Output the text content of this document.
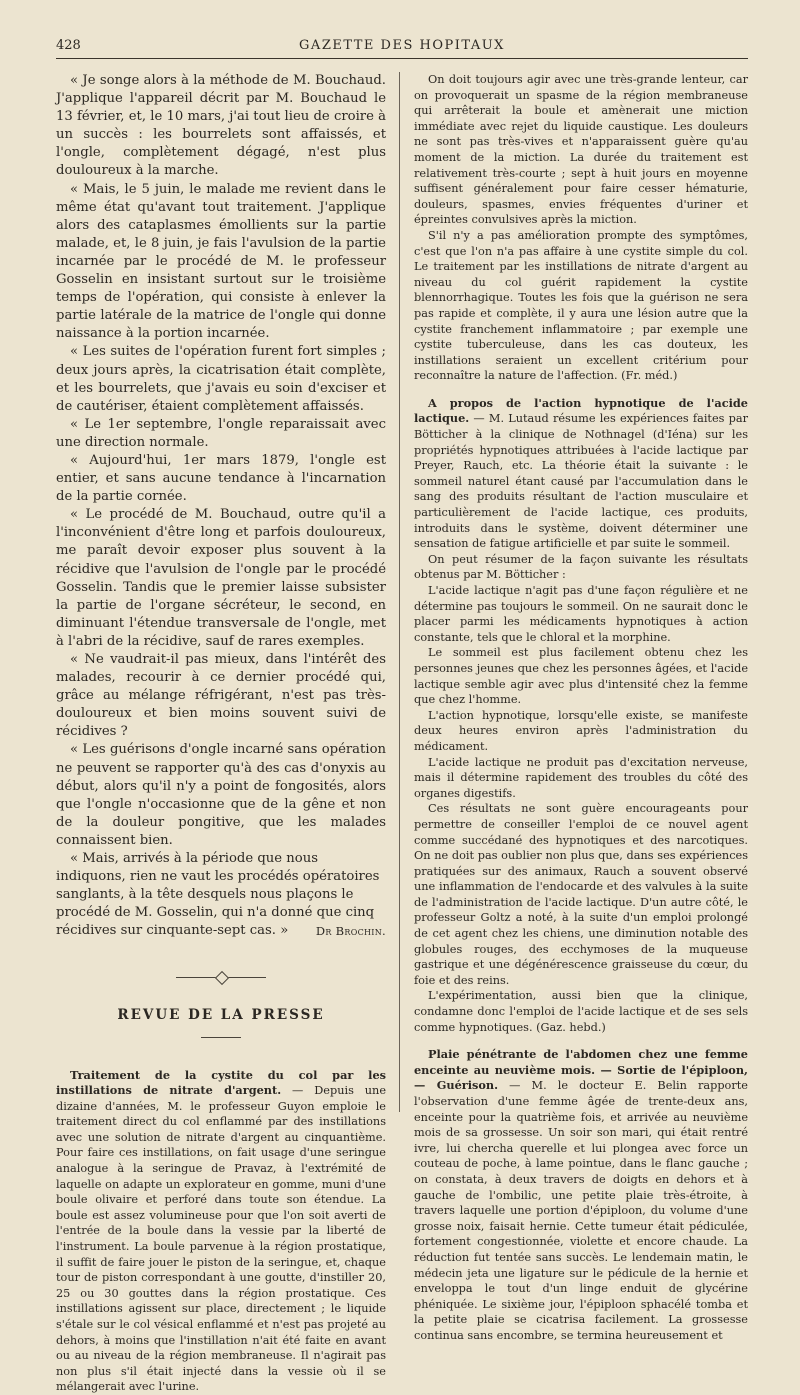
428	GAZETTE DES HOPITAUX

« Je songe alors à la méthode de M. Bouchaud. J'applique l'appareil décrit par M. Bouchaud le 13 février, et, le 10 mars, j'ai tout lieu de croire à un succès : les bourrelets sont affaissés, et l'ongle, complètement dégagé, n'est plus douloureux à la marche.

« Mais, le 5 juin, le malade me revient dans le même état qu'avant tout traitement. J'applique alors des cataplasmes émollients sur la partie malade, et, le 8 juin, je fais l'avulsion de la partie incarnée par le procédé de M. le professeur Gosselin en insistant surtout sur le troisième temps de l'opération, qui consiste à enlever la partie latérale de la matrice de l'ongle qui donne naissance à la portion incarnée.

« Les suites de l'opération furent fort simples ; deux jours après, la cicatrisation était complète, et les bourrelets, que j'avais eu soin d'exciser et de cautériser, étaient complètement affaissés.

« Le 1er septembre, l'ongle reparaissait avec une direction normale.

« Aujourd'hui, 1er mars 1879, l'ongle est entier, et sans aucune tendance à l'incarnation de la partie cornée.

« Le procédé de M. Bouchaud, outre qu'il a l'inconvénient d'être long et parfois douloureux, me paraît devoir exposer plus souvent à la récidive que l'avulsion de l'ongle par le procédé Gosselin. Tandis que le premier laisse subsister la partie de l'organe sécréteur, le second, en diminuant l'étendue transversale de l'ongle, met à l'abri de la récidive, sauf de rares exemples.

« Ne vaudrait-il pas mieux, dans l'intérêt des malades, recourir à ce dernier procédé qui, grâce au mélange réfrigérant, n'est pas très-douloureux et bien moins souvent suivi de récidives ?

« Les guérisons d'ongle incarné sans opération ne peuvent se rapporter qu'à des cas d'onyxis au début, alors qu'il n'y a point de fongosités, alors que l'ongle n'occasionne que de la gêne et non de la douleur pongitive, que les malades connaissent bien.

« Mais, arrivés à la période que nous indiquons, rien ne vaut les procédés opératoires sanglants, à la tête desquels nous plaçons le procédé de M. Gosselin, qui n'a donné que cinq récidives sur cinquante-sept cas. »	Dr Brochin.

REVUE DE LA PRESSE

Traitement de la cystite du col par les instillations de nitrate d'argent. — Depuis une dizaine d'années, M. le professeur Guyon emploie le traitement direct du col enflammé par des instillations avec une solution de nitrate d'argent au cinquantième. Pour faire ces instillations, on fait usage d'une seringue analogue à la seringue de Pravaz, à l'extrémité de laquelle on adapte un explorateur en gomme, muni d'une boule olivaire et perforé dans toute son étendue. La boule est assez volumineuse pour que l'on soit averti de l'entrée de la boule dans la vessie par la liberté de l'instrument. La boule parvenue à la région prostatique, il suffit de faire jouer le piston de la seringue, et, chaque tour de piston correspondant à une goutte, d'instiller 20, 25 ou 30 gouttes dans la région prostatique. Ces instillations agissent sur place, directement ; le liquide s'étale sur le col vésical enflammé et n'est pas projeté au dehors, à moins que l'instillation n'ait été faite en avant ou au niveau de la région membraneuse. Il n'agirait pas non plus s'il était injecté dans la vessie où il se mélangerait avec l'urine.

On doit toujours agir avec une très-grande lenteur, car on provoquerait un spasme de la région membraneuse qui arrêterait la boule et amènerait une miction immédiate avec rejet du liquide caustique. Les douleurs ne sont pas très-vives et n'apparaissent guère qu'au moment de la miction. La durée du traitement est relativement très-courte ; sept à huit jours en moyenne suffisent généralement pour faire cesser hématurie, douleurs, spasmes, envies fréquentes d'uriner et épreintes convulsives après la miction.

S'il n'y a pas amélioration prompte des symptômes, c'est que l'on n'a pas affaire à une cystite simple du col. Le traitement par les instillations de nitrate d'argent au niveau du col guérit rapidement la cystite blennorrhagique. Toutes les fois que la guérison ne sera pas rapide et complète, il y aura une lésion autre que la cystite franchement inflammatoire ; par exemple une cystite tuberculeuse, dans les cas douteux, les instillations seraient un excellent critérium pour reconnaître la nature de l'affection. (Fr. méd.)

A propos de l'action hypnotique de l'acide lactique. — M. Lutaud résume les expériences faites par Bötticher à la clinique de Nothnagel (d'Iéna) sur les propriétés hypnotiques attribuées à l'acide lactique par Preyer, Rauch, etc. La théorie était la suivante : le sommeil naturel étant causé par l'accumulation dans le sang des produits résultant de l'action musculaire et particulièrement de l'acide lactique, ces produits, introduits dans le système, doivent déterminer une sensation de fatigue artificielle et par suite le sommeil.

On peut résumer de la façon suivante les résultats obtenus par M. Bötticher :

L'acide lactique n'agit pas d'une façon régulière et ne détermine pas toujours le sommeil. On ne saurait donc le placer parmi les médicaments hypnotiques à action constante, tels que le chloral et la morphine.

Le sommeil est plus facilement obtenu chez les personnes jeunes que chez les personnes âgées, et l'acide lactique semble agir avec plus d'intensité chez la femme que chez l'homme.

L'action hypnotique, lorsqu'elle existe, se manifeste deux heures environ après l'administration du médicament.

L'acide lactique ne produit pas d'excitation nerveuse, mais il détermine rapidement des troubles du côté des organes digestifs.

Ces résultats ne sont guère encourageants pour permettre de conseiller l'emploi de ce nouvel agent comme succédané des hypnotiques et des narcotiques. On ne doit pas oublier non plus que, dans ses expériences pratiquées sur des animaux, Rauch a souvent observé une inflammation de l'endocarde et des valvules à la suite de l'administration de l'acide lactique. D'un autre côté, le professeur Goltz a noté, à la suite d'un emploi prolongé de cet agent chez les chiens, une diminution notable des globules rouges, des ecchymoses de la muqueuse gastrique et une dégénérescence graisseuse du cœur, du foie et des reins.

L'expérimentation, aussi bien que la clinique, condamne donc l'emploi de l'acide lactique et de ses sels comme hypnotiques. (Gaz. hebd.)

Plaie pénétrante de l'abdomen chez une femme enceinte au neuvième mois. — Sortie de l'épiploon, — Guérison. — M. le docteur E. Belin rapporte l'observation d'une femme âgée de trente-deux ans, enceinte pour la quatrième fois, et arrivée au neuvième mois de sa grossesse. Un soir son mari, qui était rentré ivre, lui chercha querelle et lui plongea avec force un couteau de poche, à lame pointue, dans le flanc gauche ; on constata, à deux travers de doigts en dehors et à gauche de l'ombilic, une petite plaie très-étroite, à travers laquelle une portion d'épiploon, du volume d'une grosse noix, faisait hernie. Cette tumeur était pédiculée, fortement congestionnée, violette et encore chaude. La réduction fut tentée sans succès. Le lendemain matin, le médecin jeta une ligature sur le pédicule de la hernie et enveloppa le tout d'un linge enduit de glycérine phéniquée. Le sixième jour, l'épiploon sphacélé tomba et la petite plaie se cicatrisa facilement. La grossesse continua sans encombre, se termina heureusement et
